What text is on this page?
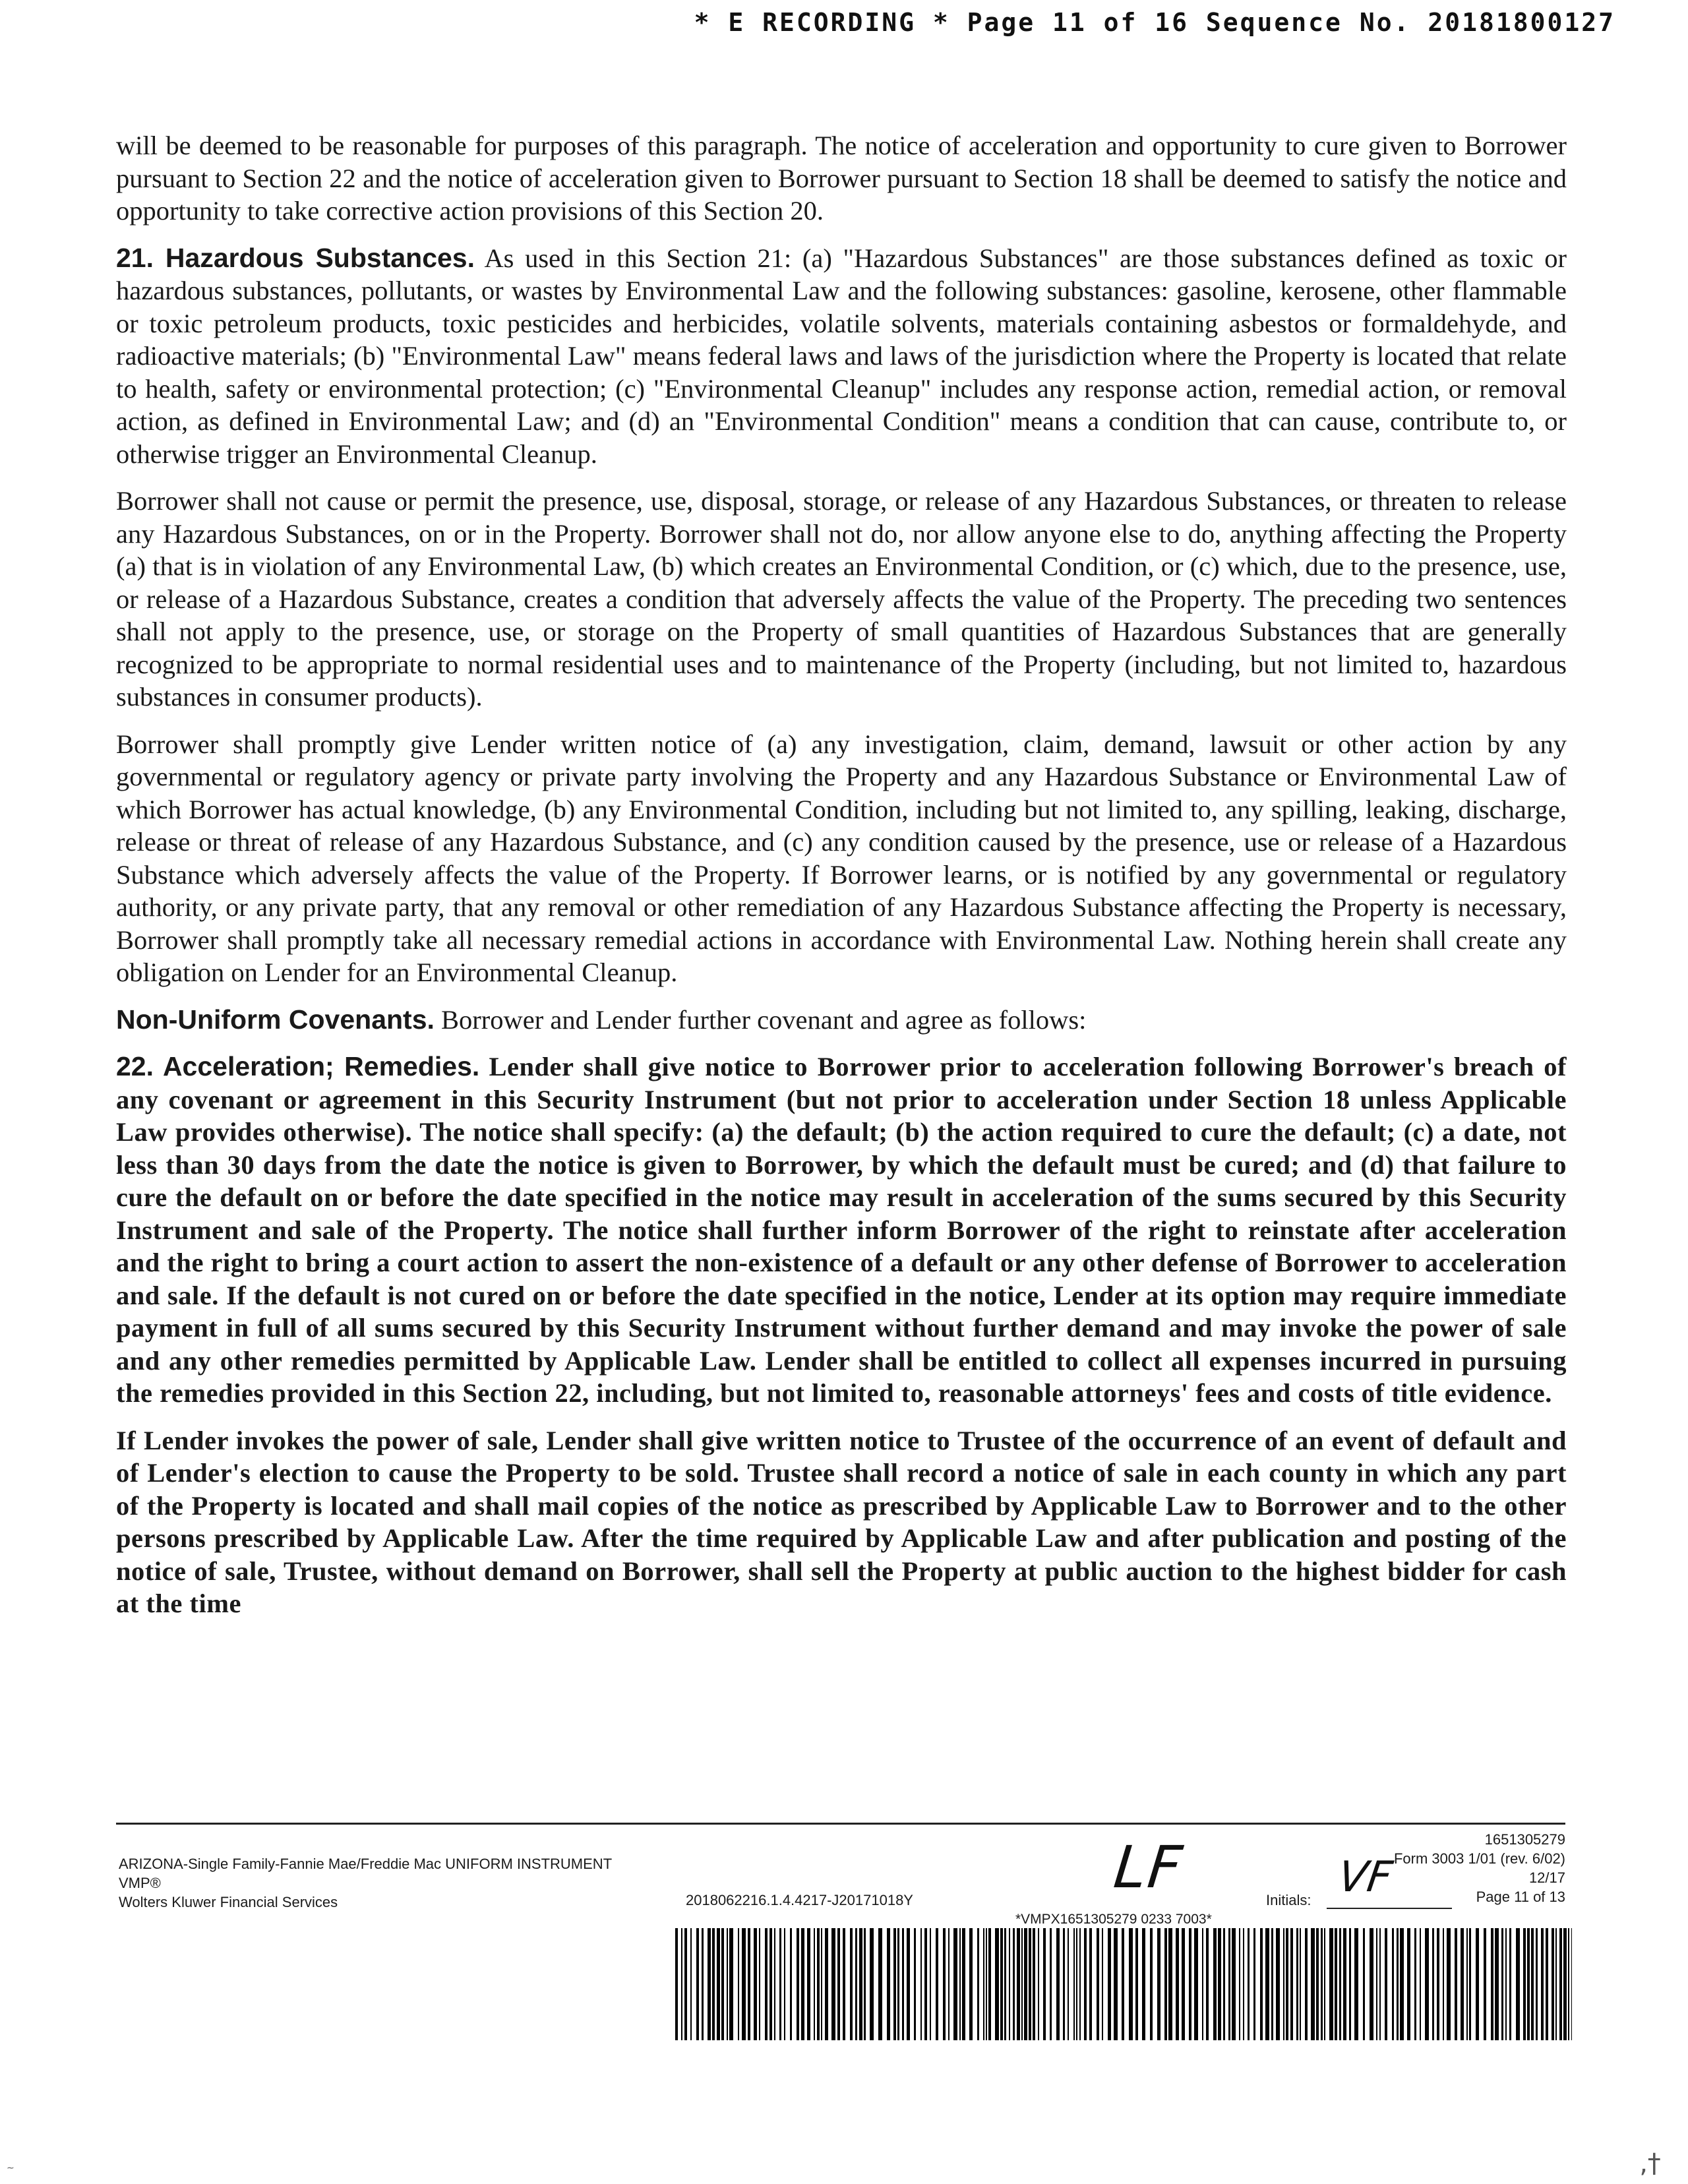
* E RECORDING * Page 11 of 16 Sequence No. 20181800127

will be deemed to be reasonable for purposes of this paragraph. The notice of acceleration and opportunity to cure given to Borrower pursuant to Section 22 and the notice of acceleration given to Borrower pursuant to Section 18 shall be deemed to satisfy the notice and opportunity to take corrective action provisions of this Section 20.

21. Hazardous Substances. As used in this Section 21: (a) "Hazardous Substances" are those substances defined as toxic or hazardous substances, pollutants, or wastes by Environmental Law and the following substances: gasoline, kerosene, other flammable or toxic petroleum products, toxic pesticides and herbicides, volatile solvents, materials containing asbestos or formaldehyde, and radioactive materials; (b) "Environmental Law" means federal laws and laws of the jurisdiction where the Property is located that relate to health, safety or environmental protection; (c) "Environmental Cleanup" includes any response action, remedial action, or removal action, as defined in Environmental Law; and (d) an "Environmental Condition" means a condition that can cause, contribute to, or otherwise trigger an Environmental Cleanup.

Borrower shall not cause or permit the presence, use, disposal, storage, or release of any Hazardous Substances, or threaten to release any Hazardous Substances, on or in the Property. Borrower shall not do, nor allow anyone else to do, anything affecting the Property (a) that is in violation of any Environmental Law, (b) which creates an Environmental Condition, or (c) which, due to the presence, use, or release of a Hazardous Substance, creates a condition that adversely affects the value of the Property. The preceding two sentences shall not apply to the presence, use, or storage on the Property of small quantities of Hazardous Substances that are generally recognized to be appropriate to normal residential uses and to maintenance of the Property (including, but not limited to, hazardous substances in consumer products).

Borrower shall promptly give Lender written notice of (a) any investigation, claim, demand, lawsuit or other action by any governmental or regulatory agency or private party involving the Property and any Hazardous Substance or Environmental Law of which Borrower has actual knowledge, (b) any Environmental Condition, including but not limited to, any spilling, leaking, discharge, release or threat of release of any Hazardous Substance, and (c) any condition caused by the presence, use or release of a Hazardous Substance which adversely affects the value of the Property. If Borrower learns, or is notified by any governmental or regulatory authority, or any private party, that any removal or other remediation of any Hazardous Substance affecting the Property is necessary, Borrower shall promptly take all necessary remedial actions in accordance with Environmental Law. Nothing herein shall create any obligation on Lender for an Environmental Cleanup.

Non-Uniform Covenants. Borrower and Lender further covenant and agree as follows:

22. Acceleration; Remedies. Lender shall give notice to Borrower prior to acceleration following Borrower's breach of any covenant or agreement in this Security Instrument (but not prior to acceleration under Section 18 unless Applicable Law provides otherwise). The notice shall specify: (a) the default; (b) the action required to cure the default; (c) a date, not less than 30 days from the date the notice is given to Borrower, by which the default must be cured; and (d) that failure to cure the default on or before the date specified in the notice may result in acceleration of the sums secured by this Security Instrument and sale of the Property. The notice shall further inform Borrower of the right to reinstate after acceleration and the right to bring a court action to assert the non-existence of a default or any other defense of Borrower to acceleration and sale. If the default is not cured on or before the date specified in the notice, Lender at its option may require immediate payment in full of all sums secured by this Security Instrument without further demand and may invoke the power of sale and any other remedies permitted by Applicable Law. Lender shall be entitled to collect all expenses incurred in pursuing the remedies provided in this Section 22, including, but not limited to, reasonable attorneys' fees and costs of title evidence.

If Lender invokes the power of sale, Lender shall give written notice to Trustee of the occurrence of an event of default and of Lender's election to cause the Property to be sold. Trustee shall record a notice of sale in each county in which any part of the Property is located and shall mail copies of the notice as prescribed by Applicable Law to Borrower and to the other persons prescribed by Applicable Law. After the time required by Applicable Law and after publication and posting of the notice of sale, Trustee, without demand on Borrower, shall sell the Property at public auction to the highest bidder for cash at the time

ARIZONA-Single Family-Fannie Mae/Freddie Mac UNIFORM INSTRUMENT
VMP®
Wolters Kluwer Financial Services	2018062216.1.4.4217-J20171018Y
1651305279
Form 3003 1/01 (rev. 6/02)
12/17
Page 11 of 13
Initials:
LF	VF
*VMPX1651305279 0233 7003*
∼	‚†
